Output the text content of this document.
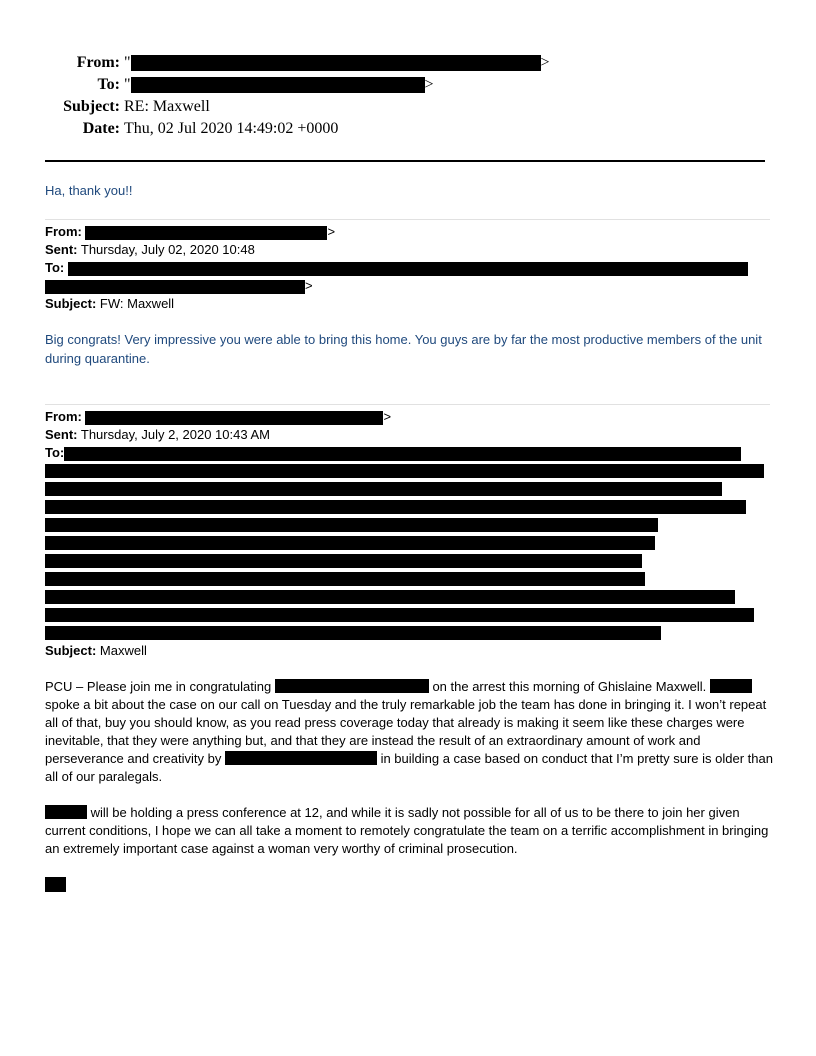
From: "	>
To: "	>
Subject: RE: Maxwell
Date: Thu, 02 Jul 2020 14:49:02 +0000
Ha, thank you!!
From:	>
Sent: Thursday, July 02, 2020 10:48
To:
>
Subject: FW: Maxwell
Big congrats! Very impressive you were able to bring this home. You guys are by far the most productive members of the unit during quarantine.
From:	>
Sent: Thursday, July 2, 2020 10:43 AM
To:
Subject: Maxwell
PCU – Please join me in congratulating	on the arrest this morning of Ghislaine Maxwell.  spoke a bit about the case on our call on Tuesday and the truly remarkable job the team has done in bringing it. I won’t repeat all of that, buy you should know, as you read press coverage today that already is making it seem like these charges were inevitable, that they were anything but, and that they are instead the result of an extraordinary amount of work and perseverance and creativity by	in building a case based on conduct that I’m pretty sure is older than all of our paralegals.
will be holding a press conference at 12, and while it is sadly not possible for all of us to be there to join her given current conditions, I hope we can all take a moment to remotely congratulate the team on a terrific accomplishment in bringing an extremely important case against a woman very worthy of criminal prosecution.
